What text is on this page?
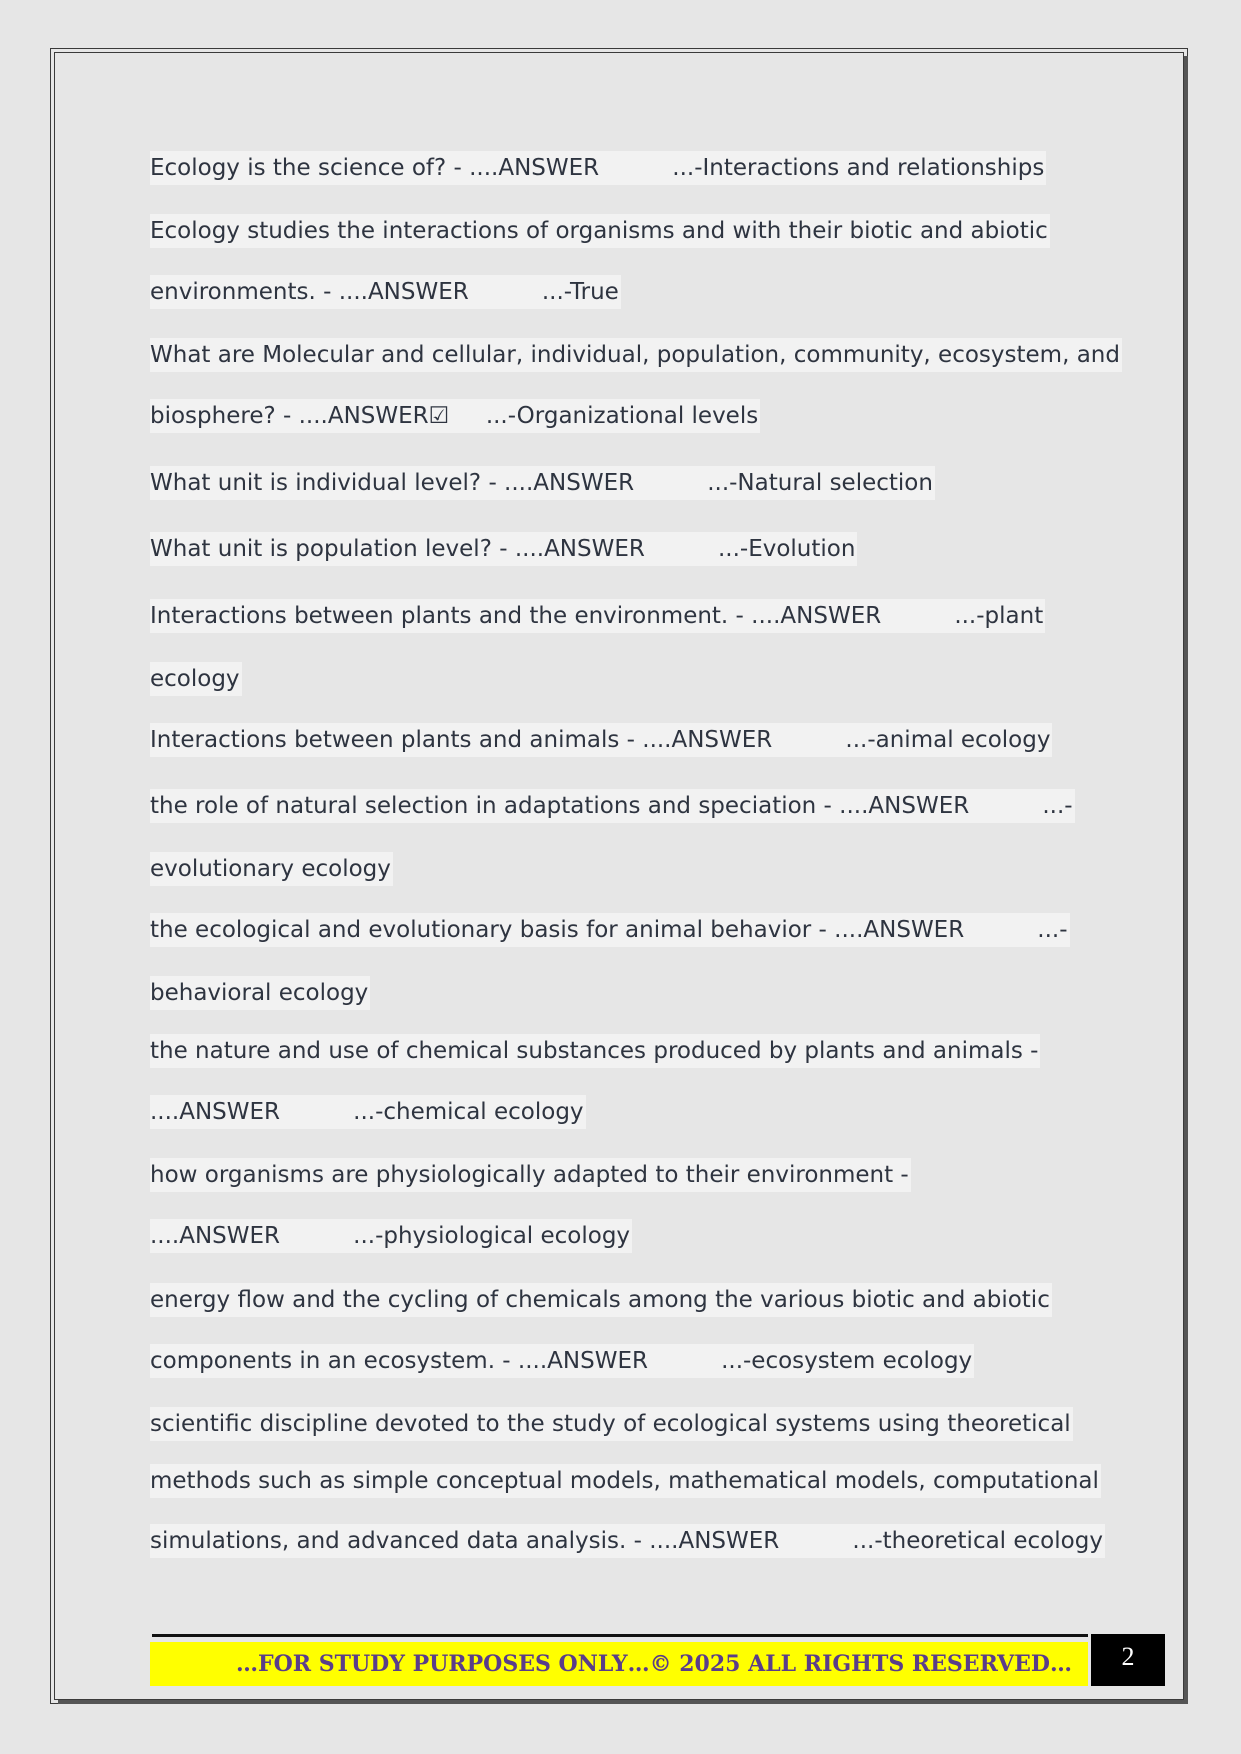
Ecology is the science of? - ....ANSWER          ...-Interactions and relationships
Ecology studies the interactions of organisms and with their biotic and abiotic
environments. - ....ANSWER          ...-True
What are Molecular and cellular, individual, population, community, ecosystem, and
biosphere? - ....ANSWER☑     ...-Organizational levels
What unit is individual level? - ....ANSWER          ...-Natural selection
What unit is population level? - ....ANSWER          ...-Evolution
Interactions between plants and the environment. - ....ANSWER          ...-plant
ecology
Interactions between plants and animals - ....ANSWER          ...-animal ecology
the role of natural selection in adaptations and speciation - ....ANSWER          ...-
evolutionary ecology
the ecological and evolutionary basis for animal behavior - ....ANSWER          ...-
behavioral ecology
the nature and use of chemical substances produced by plants and animals -
....ANSWER          ...-chemical ecology
how organisms are physiologically adapted to their environment -
....ANSWER          ...-physiological ecology
energy flow and the cycling of chemicals among the various biotic and abiotic
components in an ecosystem. - ....ANSWER          ...-ecosystem ecology
scientific discipline devoted to the study of ecological systems using theoretical
methods such as simple conceptual models, mathematical models, computational
simulations, and advanced data analysis. - ....ANSWER          ...-theoretical ecology
…FOR STUDY PURPOSES ONLY…© 2025 ALL RIGHTS RESERVED…	2
